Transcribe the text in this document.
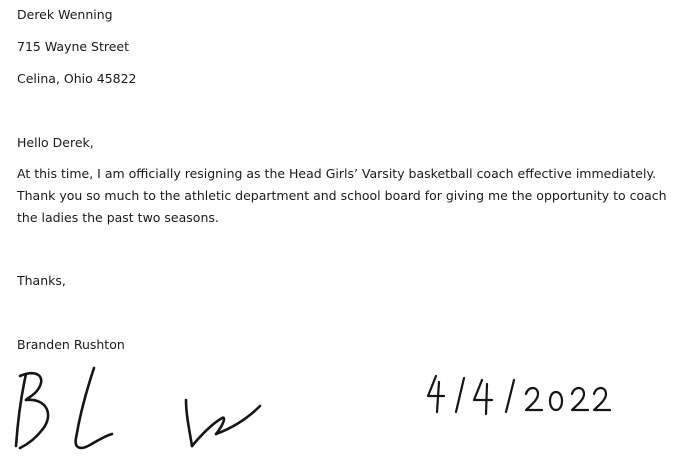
Derek Wenning
715 Wayne Street
Celina, Ohio 45822
Hello Derek,

At this time, I am officially resigning as the Head Girls’ Varsity basketball coach effective immediately.

Thank you so much to the athletic department and school board for giving me the opportunity to coach

the ladies the past two seasons.

Thanks,
Branden Rushton
